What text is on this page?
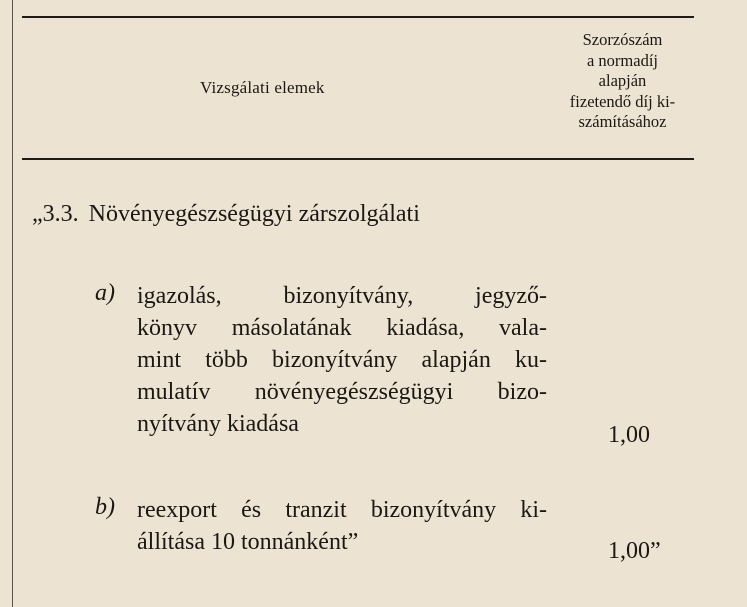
Vizsgálati elemek
Szorzószám
a normadíj
alapján
fizetendő díj ki-
számításához
„3.3. Növényegészségügyi zárszolgálati
a) igazolás, bizonyítvány, jegyző-
könyv másolatának kiadása, vala-
mint több bizonyítvány alapján ku-
mulatív növényegészségügyi bizo-
nyítvány kiadása	1,00
b) reexport és tranzit bizonyítvány ki-
állítása 10 tonnánként”	1,00”
